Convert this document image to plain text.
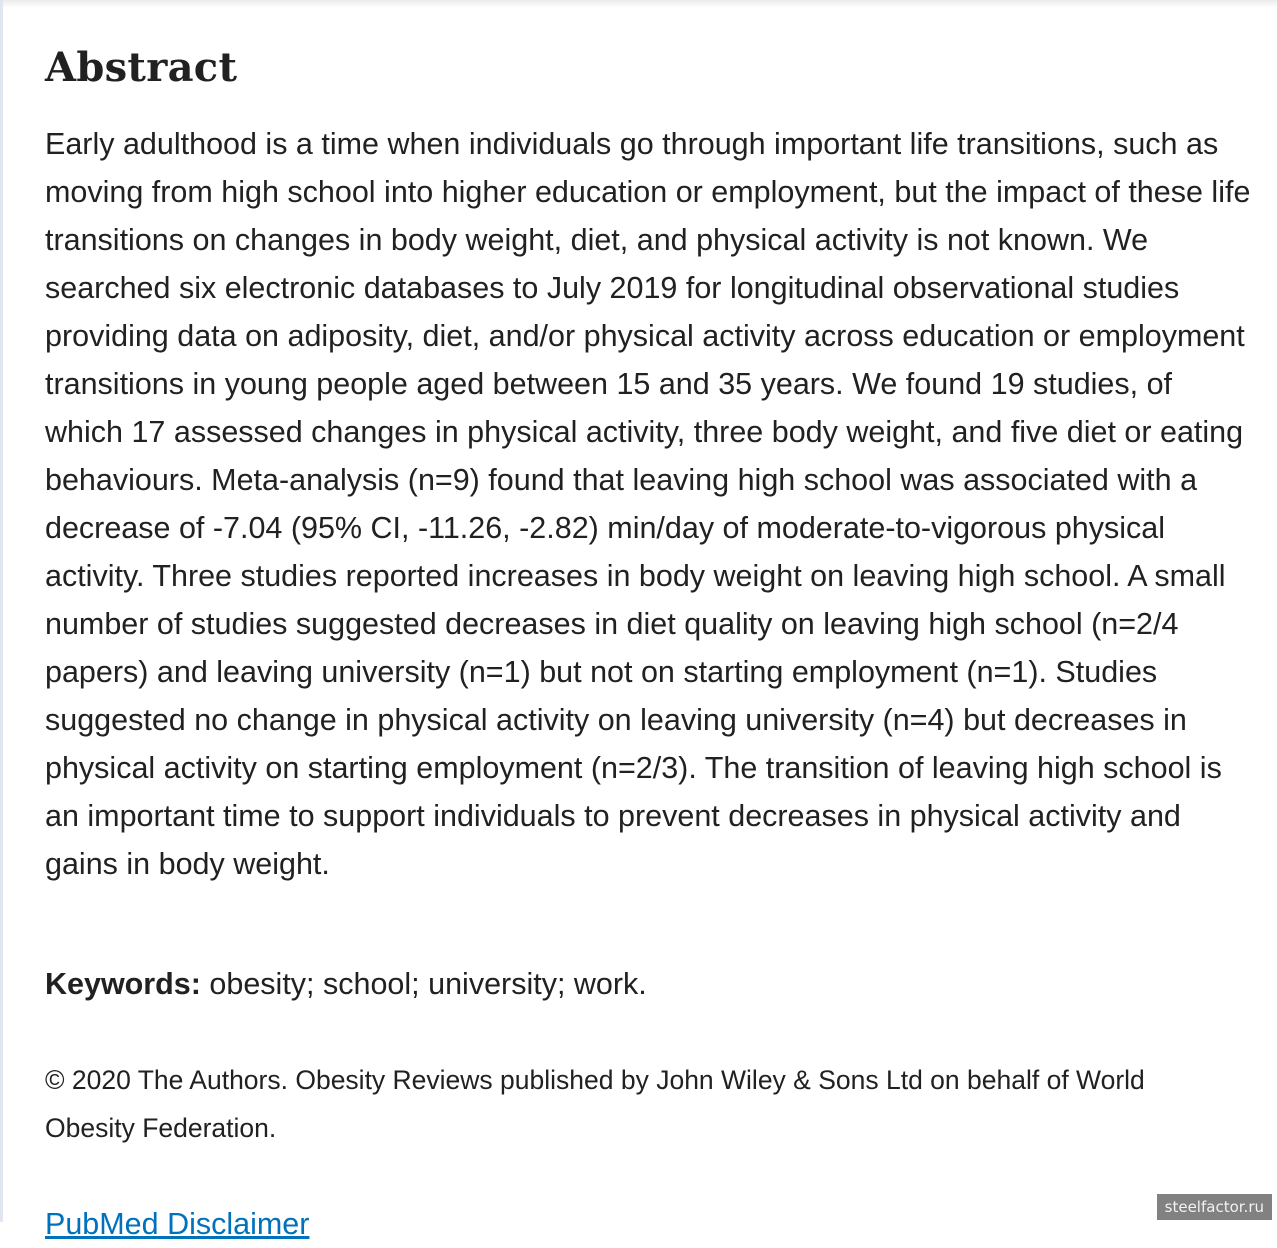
Abstract

Early adulthood is a time when individuals go through important life transitions, such as moving from high school into higher education or employment, but the impact of these life transitions on changes in body weight, diet, and physical activity is not known. We searched six electronic databases to July 2019 for longitudinal observational studies providing data on adiposity, diet, and/or physical activity across education or employment transitions in young people aged between 15 and 35 years. We found 19 studies, of which 17 assessed changes in physical activity, three body weight, and five diet or eating behaviours. Meta-analysis (n=9) found that leaving high school was associated with a decrease of -7.04 (95% CI, -11.26, -2.82) min/day of moderate-to-vigorous physical activity. Three studies reported increases in body weight on leaving high school. A small number of studies suggested decreases in diet quality on leaving high school (n=2/4 papers) and leaving university (n=1) but not on starting employment (n=1). Studies suggested no change in physical activity on leaving university (n=4) but decreases in physical activity on starting employment (n=2/3). The transition of leaving high school is an important time to support individuals to prevent decreases in physical activity and gains in body weight.

Keywords: obesity; school; university; work.

© 2020 The Authors. Obesity Reviews published by John Wiley & Sons Ltd on behalf of World Obesity Federation.

PubMed Disclaimer	steelfactor.ru
